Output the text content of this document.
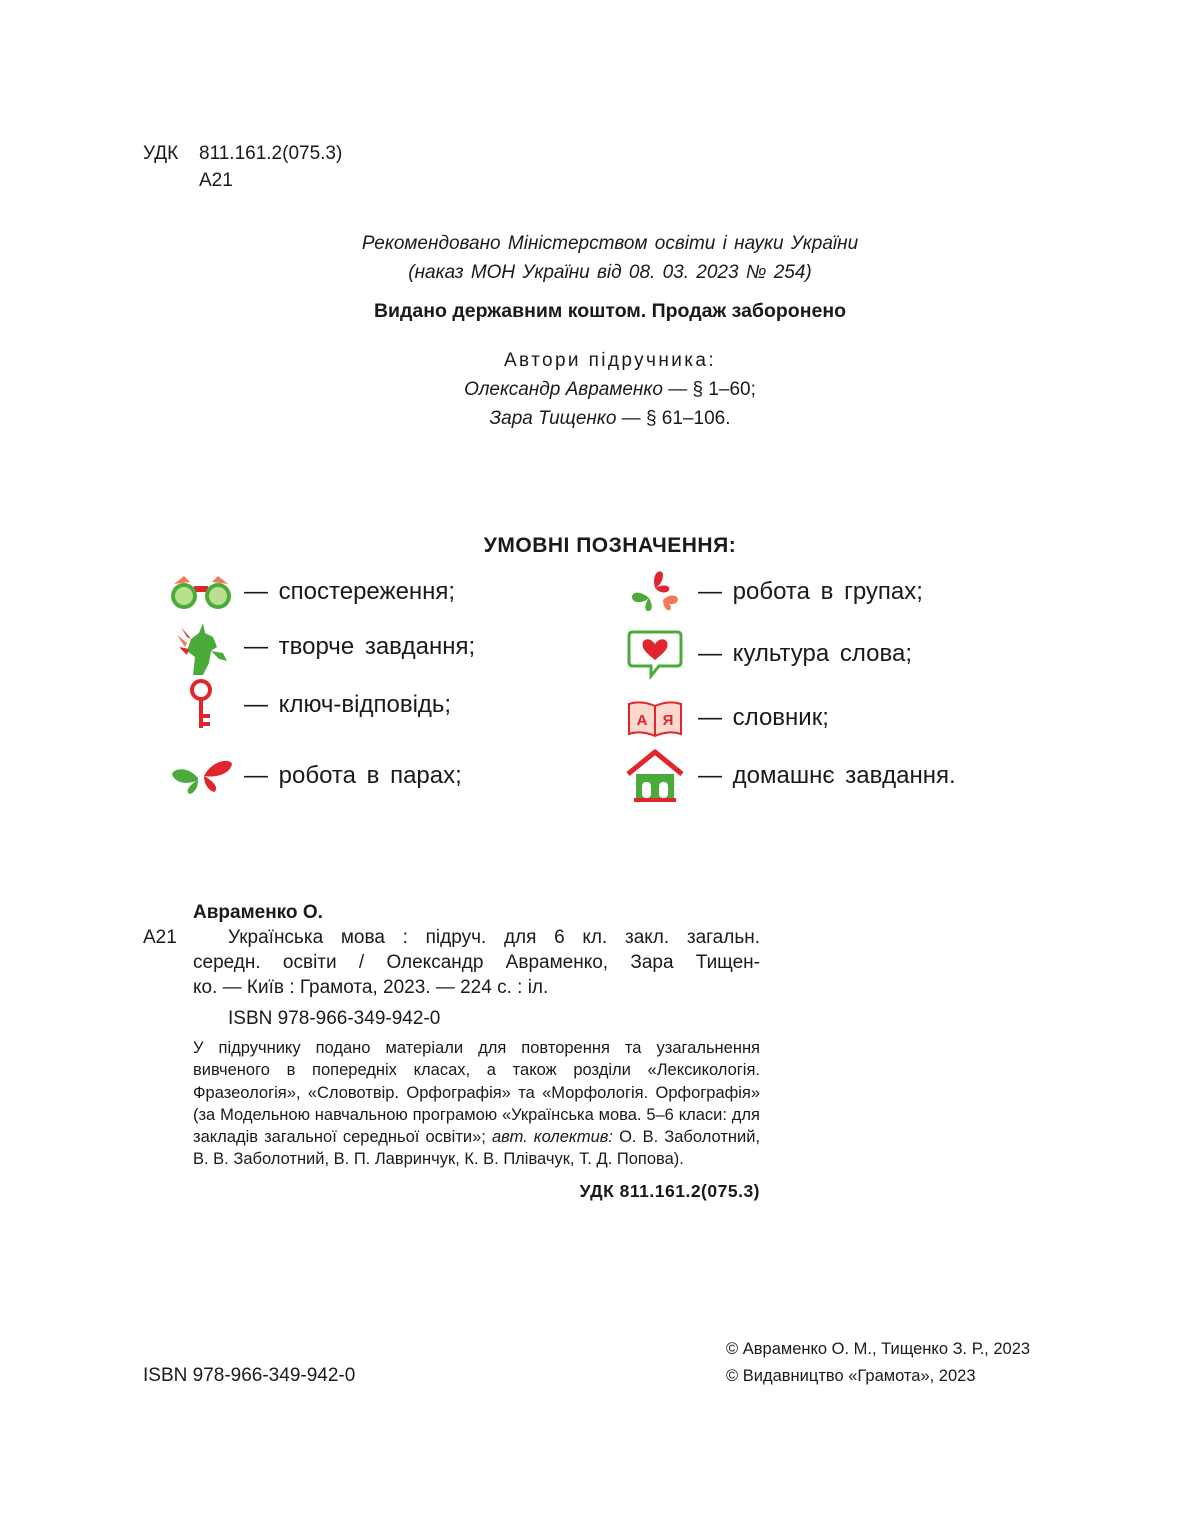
УДК 811.161.2(075.3)
А21
Рекомендовано Міністерством освіти і науки України
(наказ МОН України від 08. 03. 2023 № 254)
Видано державним коштом. Продаж заборонено
Автори підручника:
Олександр Авраменко — § 1–60;
Зара Тищенко — § 61–106.
УМОВНІ ПОЗНАЧЕННЯ:
— спостереження;
— творче завдання;
— ключ-відповідь;
— робота в парах;
— робота в групах;
— культура слова;
А Я — словник;
— домашнє завдання.
Авраменко О.
А21	Українська мова : підруч. для 6 кл. закл. загальн.
середн. освіти / Олександр Авраменко, Зара Тищен-
ко. — Київ : Грамота, 2023. — 224 с. : іл.
ISBN 978-966-349-942-0
У підручнику подано матеріали для повторення та узагальнення вивченого в попередніх класах, а також розділи «Лексикологія. Фразеологія», «Словотвір. Орфографія» та «Морфологія. Орфографія» (за Модельною навчальною програмою «Українська мова. 5–6 класи: для закладів загальної середньої освіти»; авт. колектив: О. В. Заболотний, В. В. Заболотний, В. П. Лавринчук, К. В. Плівачук, Т. Д. Попова).
УДК 811.161.2(075.3)
© Авраменко О. М., Тищенко З. Р., 2023
© Видавництво «Грамота», 2023
ISBN 978-966-349-942-0
